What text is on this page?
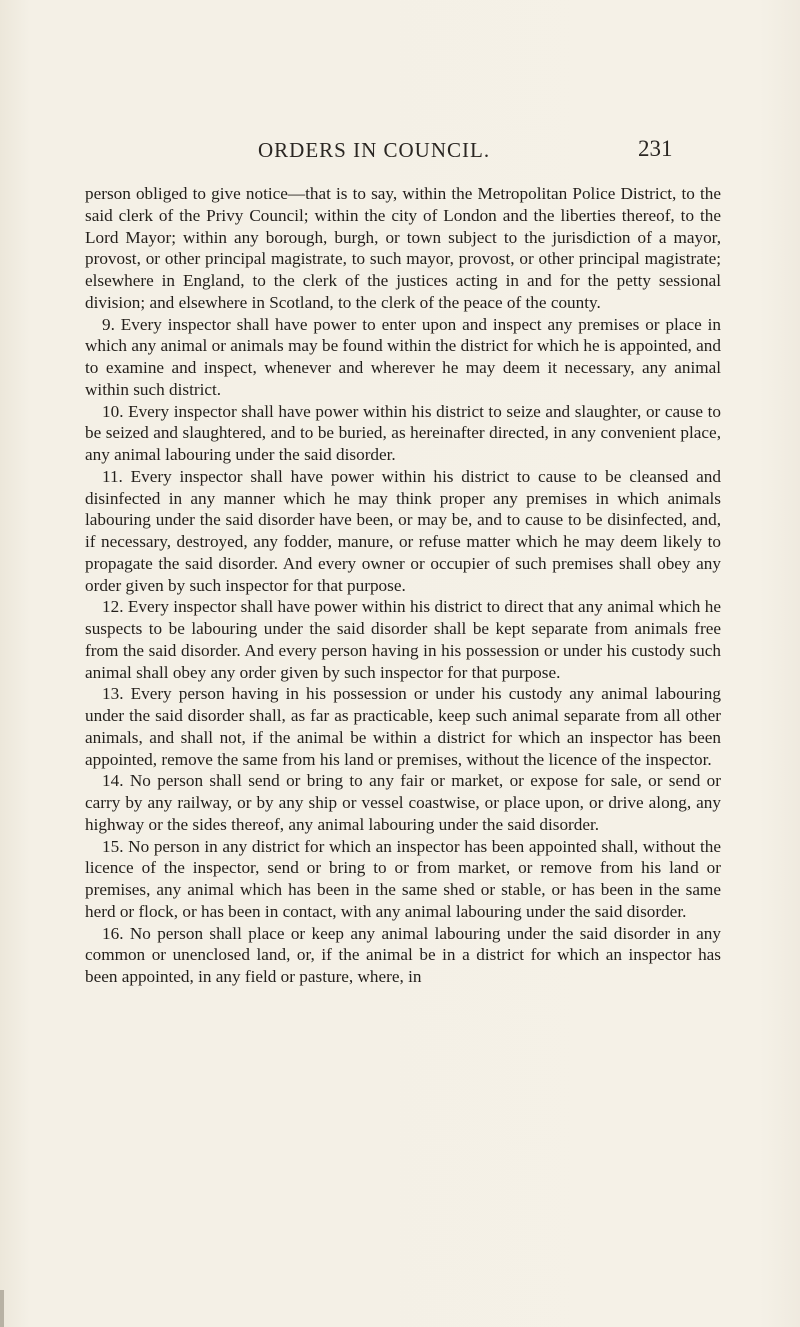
ORDERS IN COUNCIL.	231

person obliged to give notice—that is to say, within the Metropolitan Police District, to the said clerk of the Privy Council; within the city of London and the liberties thereof, to the Lord Mayor; within any borough, burgh, or town subject to the jurisdiction of a mayor, provost, or other principal magistrate, to such mayor, provost, or other principal magistrate; elsewhere in England, to the clerk of the justices acting in and for the petty sessional division; and elsewhere in Scotland, to the clerk of the peace of the county.

9. Every inspector shall have power to enter upon and inspect any premises or place in which any animal or animals may be found within the district for which he is appointed, and to examine and inspect, whenever and wherever he may deem it necessary, any animal within such district.

10. Every inspector shall have power within his district to seize and slaughter, or cause to be seized and slaughtered, and to be buried, as hereinafter directed, in any convenient place, any animal labouring under the said disorder.

11. Every inspector shall have power within his district to cause to be cleansed and disinfected in any manner which he may think proper any premises in which animals labouring under the said disorder have been, or may be, and to cause to be disinfected, and, if necessary, destroyed, any fodder, manure, or refuse matter which he may deem likely to propagate the said disorder. And every owner or occupier of such premises shall obey any order given by such inspector for that purpose.

12. Every inspector shall have power within his district to direct that any animal which he suspects to be labouring under the said disorder shall be kept separate from animals free from the said disorder. And every person having in his possession or under his custody such animal shall obey any order given by such inspector for that purpose.

13. Every person having in his possession or under his custody any animal labouring under the said disorder shall, as far as practicable, keep such animal separate from all other animals, and shall not, if the animal be within a district for which an inspector has been appointed, remove the same from his land or premises, without the licence of the inspector.

14. No person shall send or bring to any fair or market, or expose for sale, or send or carry by any railway, or by any ship or vessel coastwise, or place upon, or drive along, any highway or the sides thereof, any animal labouring under the said disorder.

15. No person in any district for which an inspector has been appointed shall, without the licence of the inspector, send or bring to or from market, or remove from his land or premises, any animal which has been in the same shed or stable, or has been in the same herd or flock, or has been in contact, with any animal labouring under the said disorder.

16. No person shall place or keep any animal labouring under the said disorder in any common or unenclosed land, or, if the animal be in a district for which an inspector has been appointed, in any field or pasture, where, in
